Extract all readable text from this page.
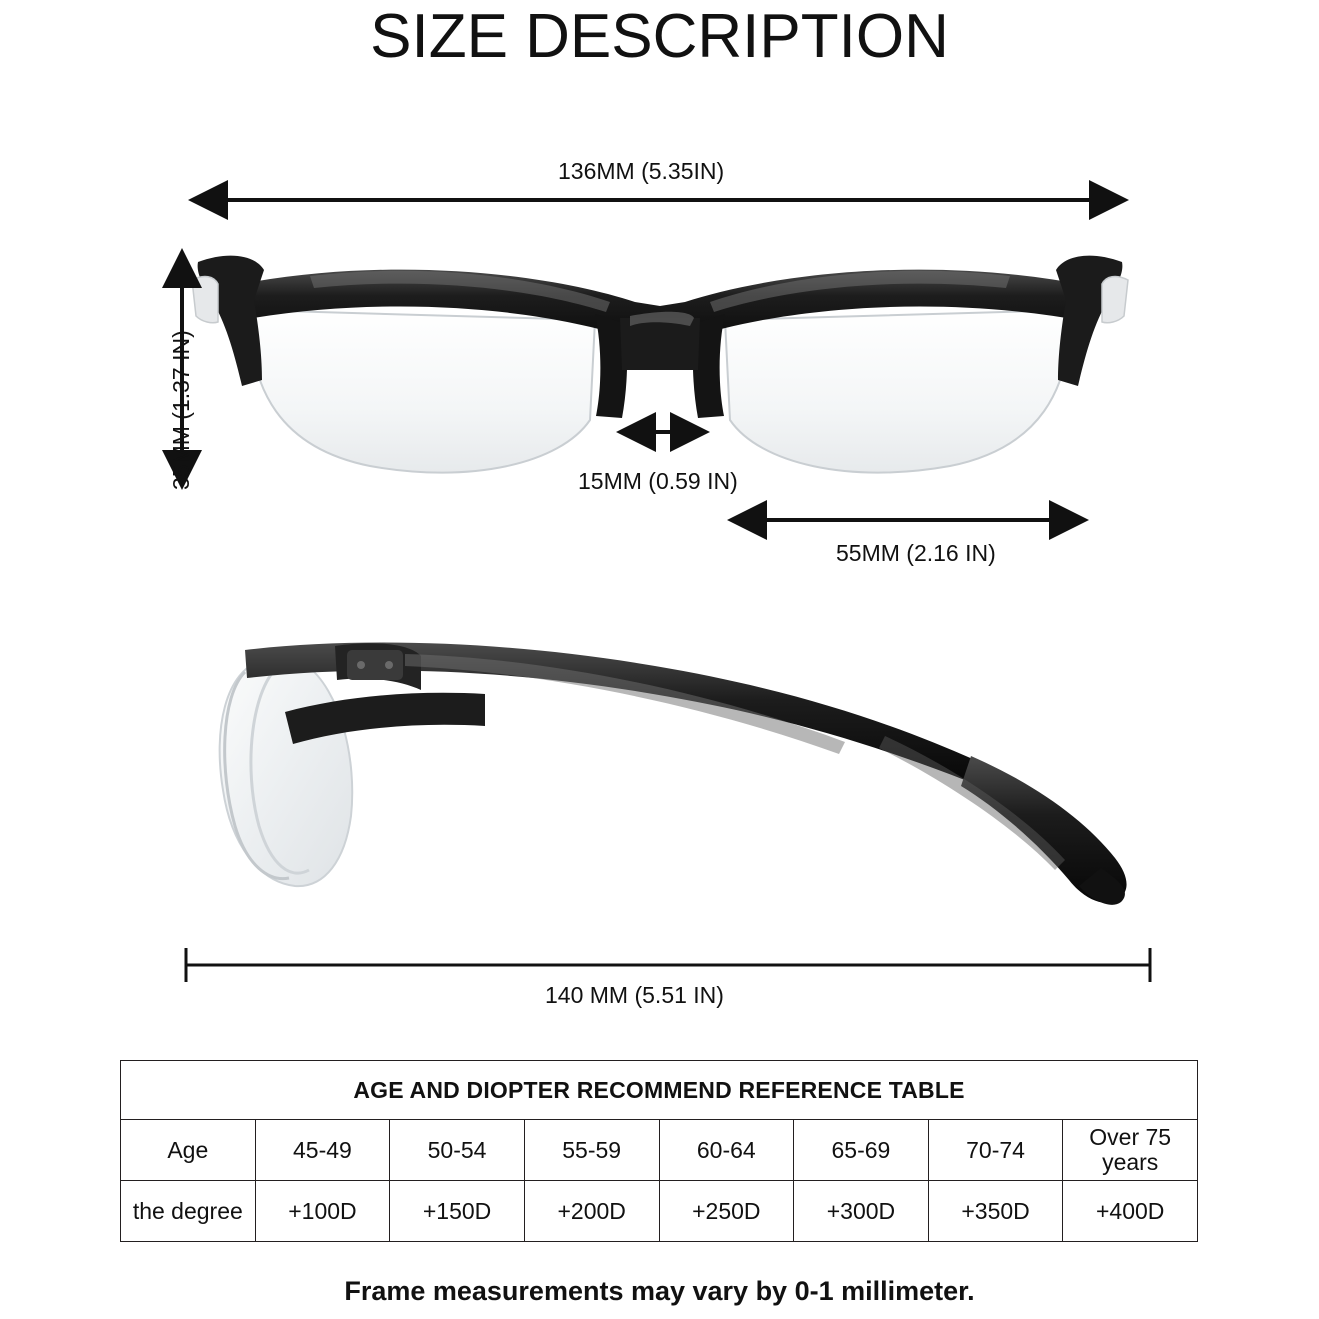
SIZE DESCRIPTION
136MM (5.35IN)
35MM (1.37 IN)	15MM (0.59 IN)
55MM (2.16 IN)
140 MM (5.51 IN)
AGE AND DIOPTER RECOMMEND REFERENCE TABLE							
Age	45-49	50-54	55-59	60-64	65-69	70-74	Over 75 years
the degree	+100D	+150D	+200D	+250D	+300D	+350D	+400D
Frame measurements may vary by 0-1 millimeter.
